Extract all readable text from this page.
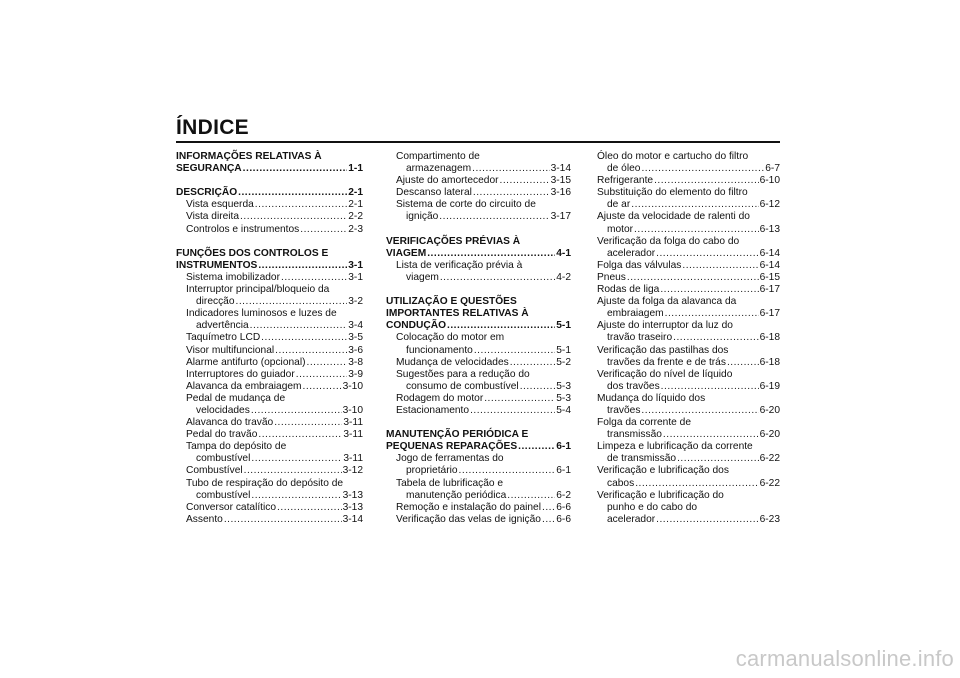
ÍNDICE
INFORMAÇÕES RELATIVAS À
SEGURANÇA .....	1-1
DESCRIÇÃO .....	2-1
Vista esquerda .....	2-1
Vista direita .....	2-2
Controlos e instrumentos .....	2-3
FUNÇÕES DOS CONTROLOS E
INSTRUMENTOS .....	3-1
Sistema imobilizador .....	3-1
Interruptor principal/bloqueio da
direcção .....	3-2
Indicadores luminosos e luzes de
advertência .....	3-4
Taquímetro LCD .....	3-5
Visor multifuncional .....	3-6
Alarme antifurto (opcional) .....	3-8
Interruptores do guiador .....	3-9
Alavanca da embraiagem .....	3-10
Pedal de mudança de
velocidades .....	3-10
Alavanca do travão .....	3-11
Pedal do travão .....	3-11
Tampa do depósito de
combustível .....	3-11
Combustível .....	3-12
Tubo de respiração do depósito de
combustível .....	3-13
Conversor catalítico .....	3-13
Assento .....	3-14
Compartimento de
armazenagem .....	3-14
Ajuste do amortecedor .....	3-15
Descanso lateral .....	3-16
Sistema de corte do circuito de
ignição .....	3-17
VERIFICAÇÕES PRÉVIAS À
VIAGEM .....	4-1
Lista de verificação prévia à
viagem .....	4-2
UTILIZAÇÃO E QUESTÕES
IMPORTANTES RELATIVAS À
CONDUÇÃO .....	5-1
Colocação do motor em
funcionamento .....	5-1
Mudança de velocidades .....	5-2
Sugestões para a redução do
consumo de combustível .....	5-3
Rodagem do motor .....	5-3
Estacionamento .....	5-4
MANUTENÇÃO PERIÓDICA E
PEQUENAS REPARAÇÕES .....	6-1
Jogo de ferramentas do
proprietário .....	6-1
Tabela de lubrificação e
manutenção periódica .....	6-2
Remoção e instalação do painel ..... 6-6
Verificação das velas de ignição ..... 6-6
Óleo do motor e cartucho do filtro
de óleo .....	6-7
Refrigerante .....	6-10
Substituição do elemento do filtro
de ar .....	6-12
Ajuste da velocidade de ralenti do
motor .....	6-13
Verificação da folga do cabo do
acelerador .....	6-14
Folga das válvulas .....	6-14
Pneus .....	6-15
Rodas de liga .....	6-17
Ajuste da folga da alavanca da
embraiagem .....	6-17
Ajuste do interruptor da luz do
travão traseiro .....	6-18
Verificação das pastilhas dos
travões da frente e de trás .....	6-18
Verificação do nível de líquido
dos travões .....	6-19
Mudança do líquido dos
travões .....	6-20
Folga da corrente de
transmissão .....	6-20
Limpeza e lubrificação da corrente
de transmissão .....	6-22
Verificação e lubrificação dos
cabos .....	6-22
Verificação e lubrificação do
punho e do cabo do
acelerador .....	6-23
carmanualsonline.info
